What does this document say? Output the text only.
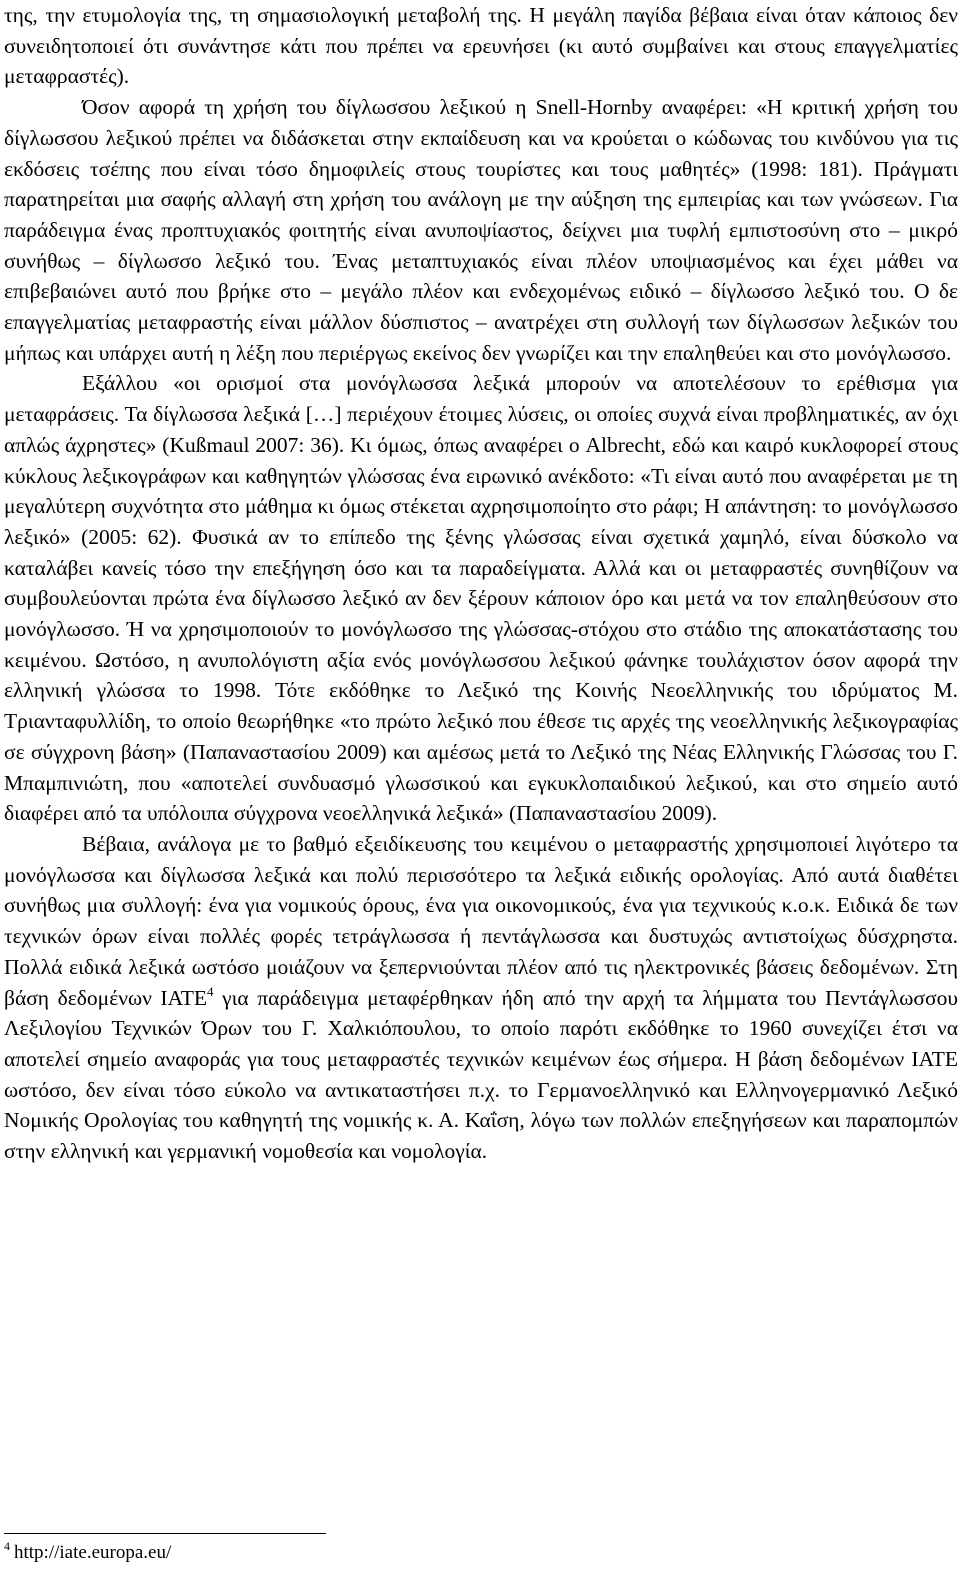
της, την ετυμολογία της, τη σημασιολογική μεταβολή της. Η μεγάλη παγίδα βέβαια είναι όταν κάποιος δεν συνειδητοποιεί ότι συνάντησε κάτι που πρέπει να ερευνήσει (κι αυτό συμβαίνει και στους επαγγελματίες μεταφραστές).

Όσον αφορά τη χρήση του δίγλωσσου λεξικού η Snell-Hornby αναφέρει: «Η κριτική χρήση του δίγλωσσου λεξικού πρέπει να διδάσκεται στην εκπαίδευση και να κρούεται ο κώδωνας του κινδύνου για τις εκδόσεις τσέπης που είναι τόσο δημοφιλείς στους τουρίστες και τους μαθητές» (1998: 181). Πράγματι παρατηρείται μια σαφής αλλαγή στη χρήση του ανάλογη με την αύξηση της εμπειρίας και των γνώσεων. Για παράδειγμα ένας προπτυχιακός φοιτητής είναι ανυποψίαστος, δείχνει μια τυφλή εμπιστοσύνη στο – μικρό συνήθως – δίγλωσσο λεξικό του. Ένας μεταπτυχιακός είναι πλέον υποψιασμένος και έχει μάθει να επιβεβαιώνει αυτό που βρήκε στο – μεγάλο πλέον και ενδεχομένως ειδικό – δίγλωσσο λεξικό του. Ο δε επαγγελματίας μεταφραστής είναι μάλλον δύσπιστος – ανατρέχει στη συλλογή των δίγλωσσων λεξικών του μήπως και υπάρχει αυτή η λέξη που περιέργως εκείνος δεν γνωρίζει και την επαληθεύει και στο μονόγλωσσο.

Εξάλλου «οι ορισμοί στα μονόγλωσσα λεξικά μπορούν να αποτελέσουν το ερέθισμα για μεταφράσεις. Τα δίγλωσσα λεξικά […] περιέχουν έτοιμες λύσεις, οι οποίες συχνά είναι προβληματικές, αν όχι απλώς άχρηστες» (Kußmaul 2007: 36). Κι όμως, όπως αναφέρει ο Albrecht, εδώ και καιρό κυκλοφορεί στους κύκλους λεξικογράφων και καθηγητών γλώσσας ένα ειρωνικό ανέκδοτο: «Τι είναι αυτό που αναφέρεται με τη μεγαλύτερη συχνότητα στο μάθημα κι όμως στέκεται αχρησιμοποίητο στο ράφι; Η απάντηση: το μονόγλωσσο λεξικό» (2005: 62). Φυσικά αν το επίπεδο της ξένης γλώσσας είναι σχετικά χαμηλό, είναι δύσκολο να καταλάβει κανείς τόσο την επεξήγηση όσο και τα παραδείγματα. Αλλά και οι μεταφραστές συνηθίζουν να συμβουλεύονται πρώτα ένα δίγλωσσο λεξικό αν δεν ξέρουν κάποιον όρο και μετά να τον επαληθεύσουν στο μονόγλωσσο. Ή να χρησιμοποιούν το μονόγλωσσο της γλώσσας-στόχου στο στάδιο της αποκατάστασης του κειμένου. Ωστόσο, η ανυπολόγιστη αξία ενός μονόγλωσσου λεξικού φάνηκε τουλάχιστον όσον αφορά την ελληνική γλώσσα το 1998. Τότε εκδόθηκε το Λεξικό της Κοινής Νεοελληνικής του ιδρύματος Μ. Τριανταφυλλίδη, το οποίο θεωρήθηκε «το πρώτο λεξικό που έθεσε τις αρχές της νεοελληνικής λεξικογραφίας σε σύγχρονη βάση» (Παπαναστασίου 2009) και αμέσως μετά το Λεξικό της Νέας Ελληνικής Γλώσσας του Γ. Μπαμπινιώτη, που «αποτελεί συνδυασμό γλωσσικού και εγκυκλοπαιδικού λεξικού, και στο σημείο αυτό διαφέρει από τα υπόλοιπα σύγχρονα νεοελληνικά λεξικά» (Παπαναστασίου 2009).

Βέβαια, ανάλογα με το βαθμό εξειδίκευσης του κειμένου ο μεταφραστής χρησιμοποιεί λιγότερο τα μονόγλωσσα και δίγλωσσα λεξικά και πολύ περισσότερο τα λεξικά ειδικής ορολογίας. Από αυτά διαθέτει συνήθως μια συλλογή: ένα για νομικούς όρους, ένα για οικονομικούς, ένα για τεχνικούς κ.ο.κ. Ειδικά δε των τεχνικών όρων είναι πολλές φορές τετράγλωσσα ή πεντάγλωσσα και δυστυχώς αντιστοίχως δύσχρηστα. Πολλά ειδικά λεξικά ωστόσο μοιάζουν να ξεπερνιούνται πλέον από τις ηλεκτρονικές βάσεις δεδομένων. Στη βάση δεδομένων IATE$^4$ για παράδειγμα μεταφέρθηκαν ήδη από την αρχή τα λήμματα του Πεντάγλωσσου Λεξιλογίου Τεχνικών Όρων του Γ. Χαλκιόπουλου, το οποίο παρότι εκδόθηκε το 1960 συνεχίζει έτσι να αποτελεί σημείο αναφοράς για τους μεταφραστές τεχνικών κειμένων έως σήμερα. Η βάση δεδομένων IATE ωστόσο, δεν είναι τόσο εύκολο να αντικαταστήσει π.χ. το Γερμανοελληνικό και Ελληνογερμανικό Λεξικό Νομικής Ορολογίας του καθηγητή της νομικής κ. Α. Καΐση, λόγω των πολλών επεξηγήσεων και παραπομπών στην ελληνική και γερμανική νομοθεσία και νομολογία.

$^4$ http://iate.europa.eu/
